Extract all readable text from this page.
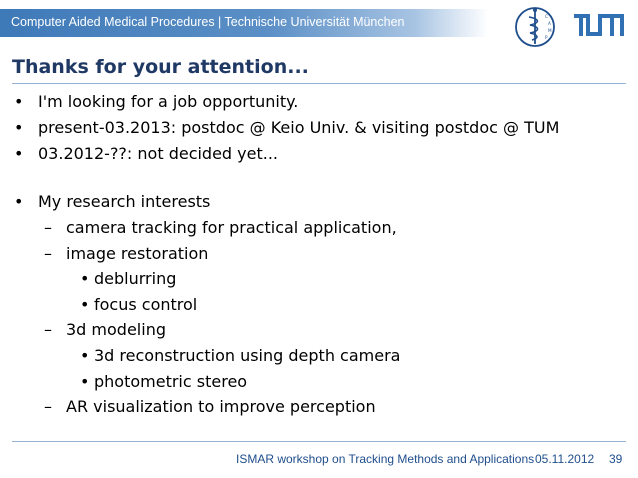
Computer Aided Medical Procedures | Technische Universität München	C
A
M
P
Thanks for your attention...
• I'm looking for a job opportunity.
• present-03.2013: postdoc @ Keio Univ. & visiting postdoc @ TUM
• 03.2012-??: not decided yet...
• My research interests
– camera tracking for practical application,
– image restoration
• deblurring
• focus control
– 3d modeling
• 3d reconstruction using depth camera
• photometric stereo
– AR visualization to improve perception
ISMAR workshop on Tracking Methods and Applications 05.11.2012 39
